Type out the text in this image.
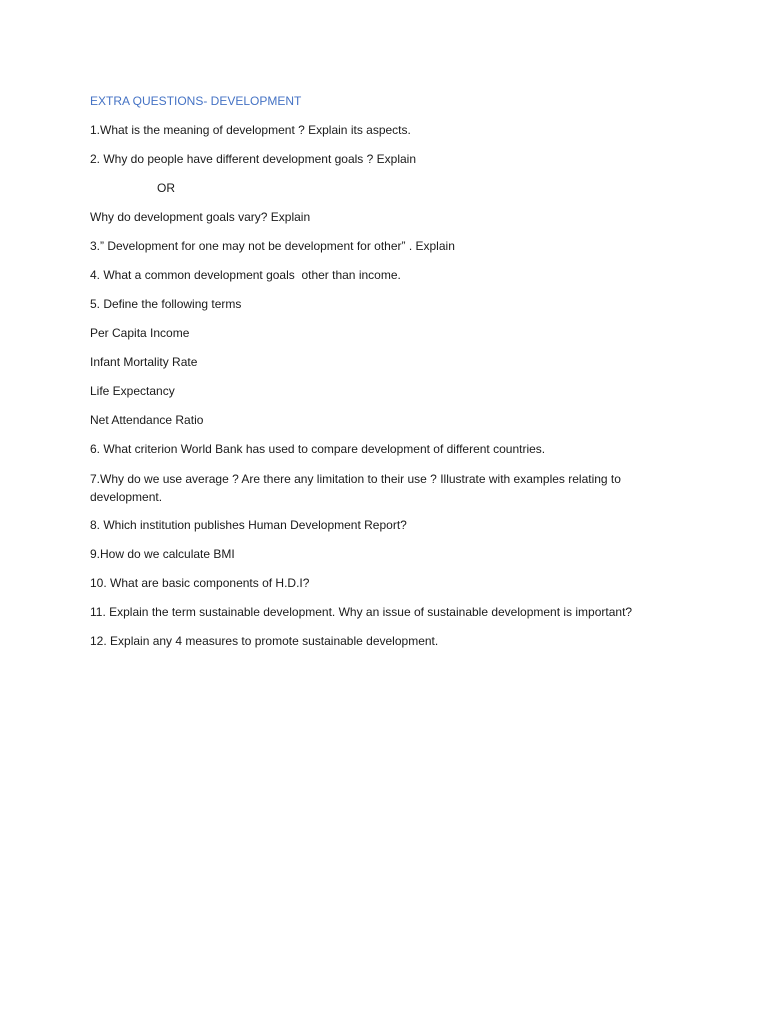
EXTRA QUESTIONS- DEVELOPMENT
1.What is the meaning of development ? Explain its aspects.
2. Why do people have different development goals ? Explain
OR
Why do development goals vary? Explain
3.” Development for one may not be development for other” . Explain
4. What a common development goals  other than income.
5. Define the following terms
Per Capita Income
Infant Mortality Rate
Life Expectancy
Net Attendance Ratio
6. What criterion World Bank has used to compare development of different countries.
7.Why do we use average ? Are there any limitation to their use ? Illustrate with examples relating to development.
8. Which institution publishes Human Development Report?
9.How do we calculate BMI
10. What are basic components of H.D.I?
11. Explain the term sustainable development. Why an issue of sustainable development is important?
12. Explain any 4 measures to promote sustainable development.
